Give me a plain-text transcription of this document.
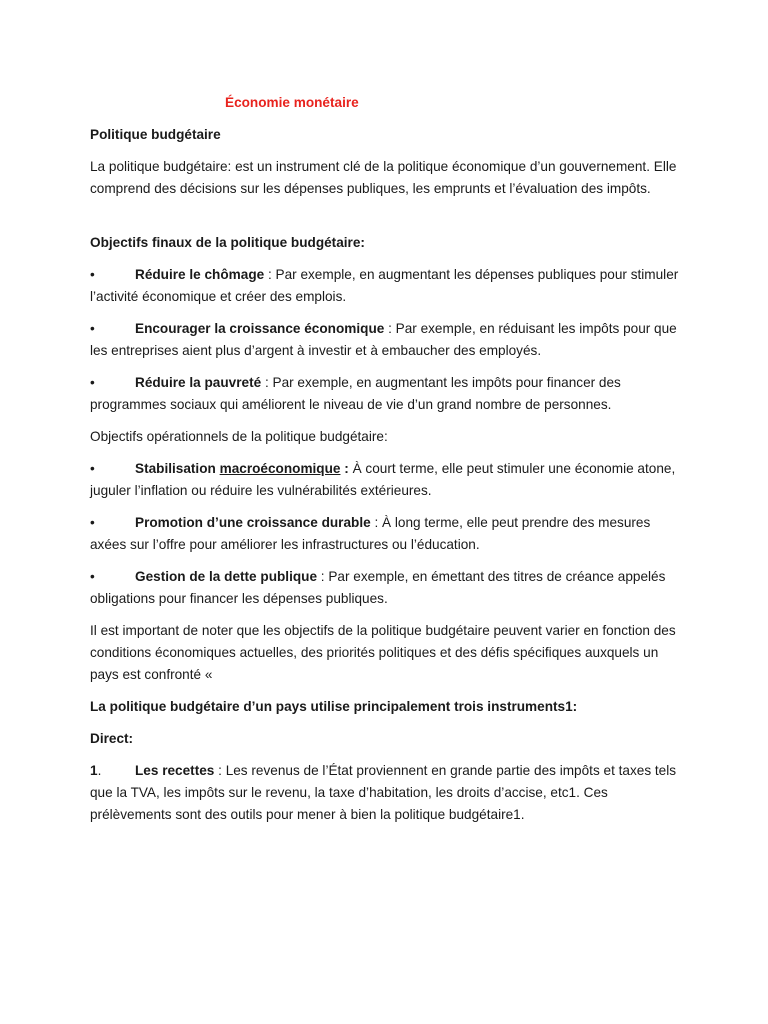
Économie monétaire
Politique budgétaire

La politique budgétaire: est un instrument clé de la politique économique d’un gouvernement. Elle comprend des décisions sur les dépenses publiques, les emprunts et l’évaluation des impôts.

Objectifs finaux de la politique budgétaire:

•	Réduire le chômage : Par exemple, en augmentant les dépenses publiques pour stimuler l’activité économique et créer des emplois.

•	Encourager la croissance économique : Par exemple, en réduisant les impôts pour que les entreprises aient plus d’argent à investir et à embaucher des employés.

•	Réduire la pauvreté : Par exemple, en augmentant les impôts pour financer des programmes sociaux qui améliorent le niveau de vie d’un grand nombre de personnes.

Objectifs opérationnels de la politique budgétaire:

•	Stabilisation macroéconomique : À court terme, elle peut stimuler une économie atone, juguler l’inflation ou réduire les vulnérabilités extérieures.

•	Promotion d’une croissance durable : À long terme, elle peut prendre des mesures axées sur l’offre pour améliorer les infrastructures ou l’éducation.

•	Gestion de la dette publique : Par exemple, en émettant des titres de créance appelés obligations pour financer les dépenses publiques.

Il est important de noter que les objectifs de la politique budgétaire peuvent varier en fonction des conditions économiques actuelles, des priorités politiques et des défis spécifiques auxquels un pays est confronté «

La politique budgétaire d’un pays utilise principalement trois instruments1:
Direct:

1. Les recettes : Les revenus de l’État proviennent en grande partie des impôts et taxes tels que la TVA, les impôts sur le revenu, la taxe d’habitation, les droits d’accise, etc1. Ces prélèvements sont des outils pour mener à bien la politique budgétaire1.
